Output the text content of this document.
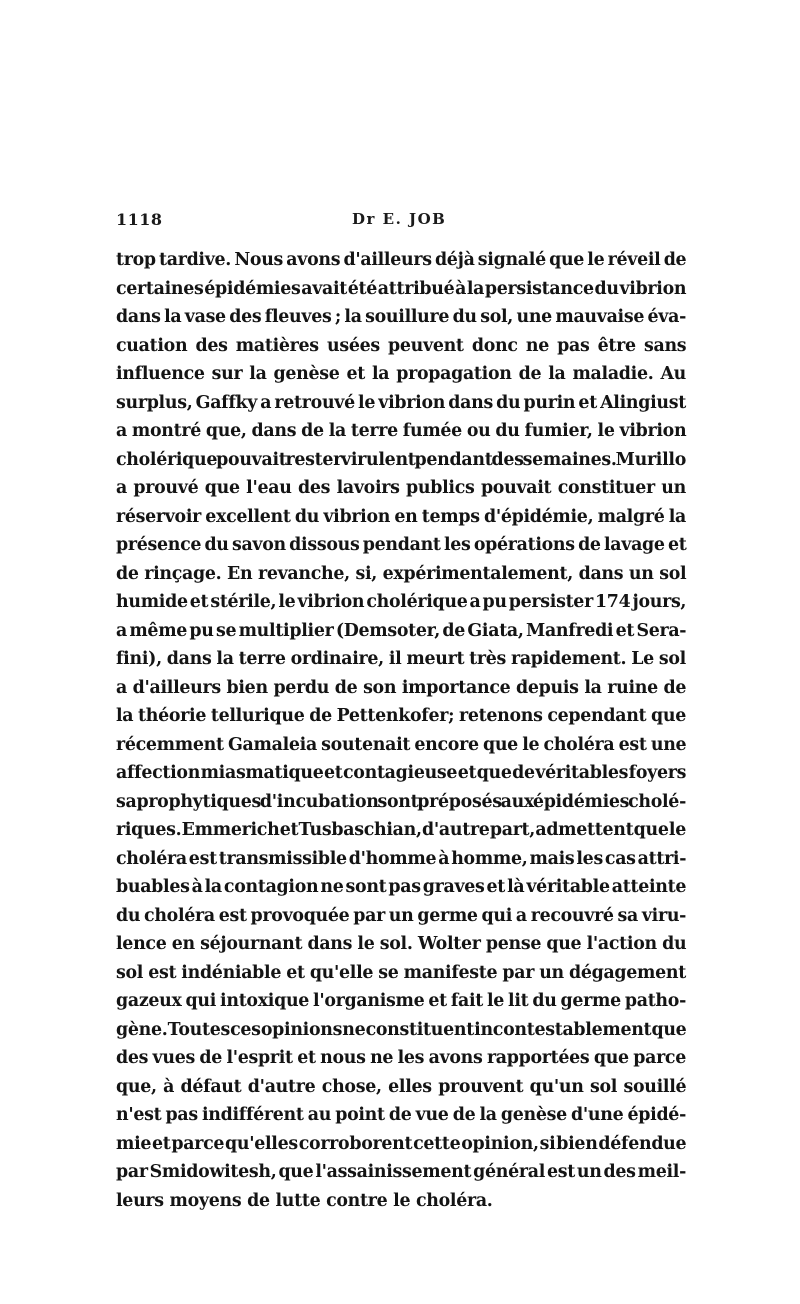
1118	Dr E. JOB
trop tardive. Nous avons d'ailleurs déjà signalé que le réveil de
certaines épidémies avait été attribué à la persistance du vibrion
dans la vase des fleuves ; la souillure du sol, une mauvaise éva-
cuation des matières usées peuvent donc ne pas être sans
influence sur la genèse et la propagation de la maladie. Au
surplus, Gaffky a retrouvé le vibrion dans du purin et Alingiust
a montré que, dans de la terre fumée ou du fumier, le vibrion
cholérique pouvait rester virulent pendant des semaines. Murillo
a prouvé que l'eau des lavoirs publics pouvait constituer un
réservoir excellent du vibrion en temps d'épidémie, malgré la
présence du savon dissous pendant les opérations de lavage et
de rinçage. En revanche, si, expérimentalement, dans un sol
humide et stérile, le vibrion cholérique a pu persister 174 jours,
a même pu se multiplier (Demsoter, de Giata, Manfredi et Sera-
fini), dans la terre ordinaire, il meurt très rapidement. Le sol
a d'ailleurs bien perdu de son importance depuis la ruine de
la théorie tellurique de Pettenkofer; retenons cependant que
récemment Gamaleia soutenait encore que le choléra est une
affection miasmatique et contagieuse et que de véritables foyers
saprophytiques d'incubation sont préposés aux épidémies cholé-
riques. Emmerich et Tusbaschian, d'autre part, admettent que le
choléra est transmissible d'homme à homme, mais les cas attri-
buables à la contagion ne sont pas graves et là véritable atteinte
du choléra est provoquée par un germe qui a recouvré sa viru-
lence en séjournant dans le sol. Wolter pense que l'action du
sol est indéniable et qu'elle se manifeste par un dégagement
gazeux qui intoxique l'organisme et fait le lit du germe patho-
gène. Toutes ces opinions ne constituent incontestablement que
des vues de l'esprit et nous ne les avons rapportées que parce
que, à défaut d'autre chose, elles prouvent qu'un sol souillé
n'est pas indifférent au point de vue de la genèse d'une épidé-
mie et parce qu'elles corroborent cette opinion, si bien défendue
par Smidowitesh, que l'assainissement général est un des meil-
leurs moyens de lutte contre le choléra.
